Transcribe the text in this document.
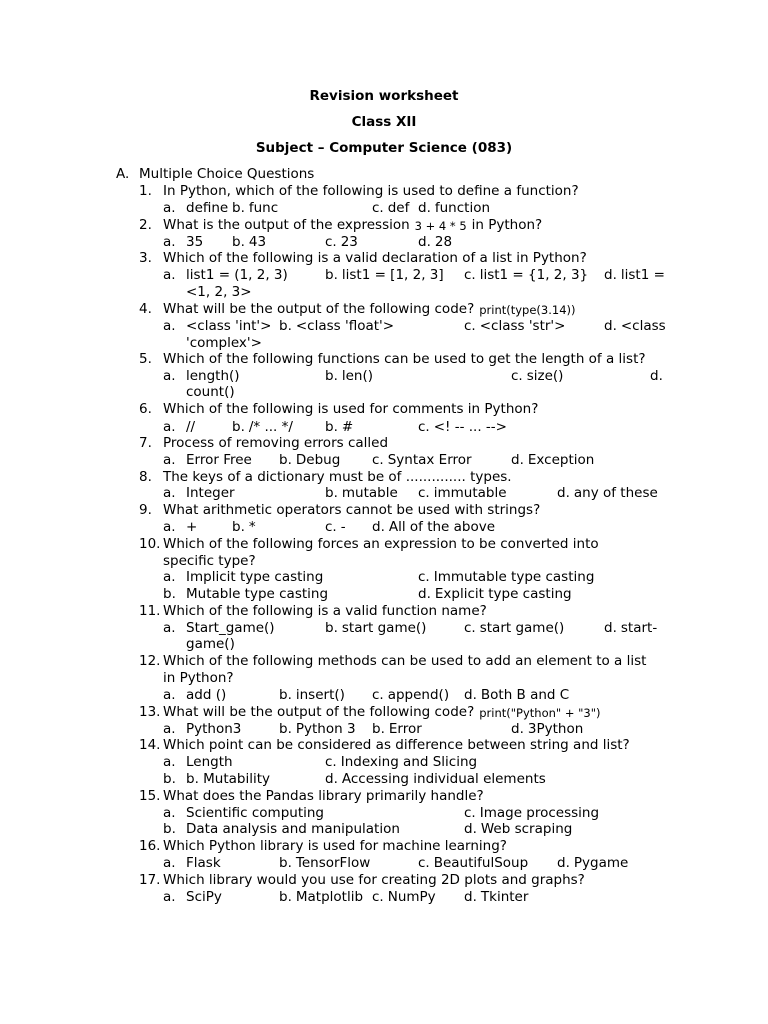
Revision worksheet
Class XII
Subject – Computer Science (083)
A. Multiple Choice Questions
1. In Python, which of the following is used to define a function?
a. define b. func	c. def d. function
2. What is the output of the expression 3 + 4 * 5 in Python?
a. 35 b. 43	c. 23	d. 28
3. Which of the following is a valid declaration of a list in Python?
a. list1 = (1, 2, 3)	b. list1 = [1, 2, 3] c. list1 = {1, 2, 3} d. list1 =
<1, 2, 3>
4. What will be the output of the following code? print(type(3.14))
a. <class 'int'> b. <class 'float'>	c. <class 'str'>	d. <class
'complex'>
5. Which of the following functions can be used to get the length of a list?
a. length()	b. len()	c. size()	d.
count()
6. Which of the following is used for comments in Python?
a. //	b. /* ... */ b. #	c. <! -- ... -->
7. Process of removing errors called
a. Error Free b. Debug c. Syntax Error	d. Exception
8. The keys of a dictionary must be of .............. types.
a. Integer	b. mutable c. immutable	d. any of these
9. What arithmetic operators cannot be used with strings?
a. +	b. *	c. - d. All of the above
10. Which of the following forces an expression to be converted into
specific type?
a. Implicit type casting	c. Immutable type casting
b. Mutable type casting	d. Explicit type casting
11. Which of the following is a valid function name?
a. Start_game()	b. start game()	c. start game()	d. start-
game()
12. Which of the following methods can be used to add an element to a list
in Python?
a. add ()	b. insert() c. append() d. Both B and C
13. What will be the output of the following code? print("Python" + "3")
a. Python3	b. Python 3 b. Error	d. 3Python
14. Which point can be considered as difference between string and list?
a. Length	c. Indexing and Slicing
b. b. Mutability	d. Accessing individual elements
15. What does the Pandas library primarily handle?
a. Scientific computing	c. Image processing
b. Data analysis and manipulation	d. Web scraping
16. Which Python library is used for machine learning?
a. Flask	b. TensorFlow	c. BeautifulSoup d. Pygame
17. Which library would you use for creating 2D plots and graphs?
a. SciPy	b. Matplotlib c. NumPy d. Tkinter
